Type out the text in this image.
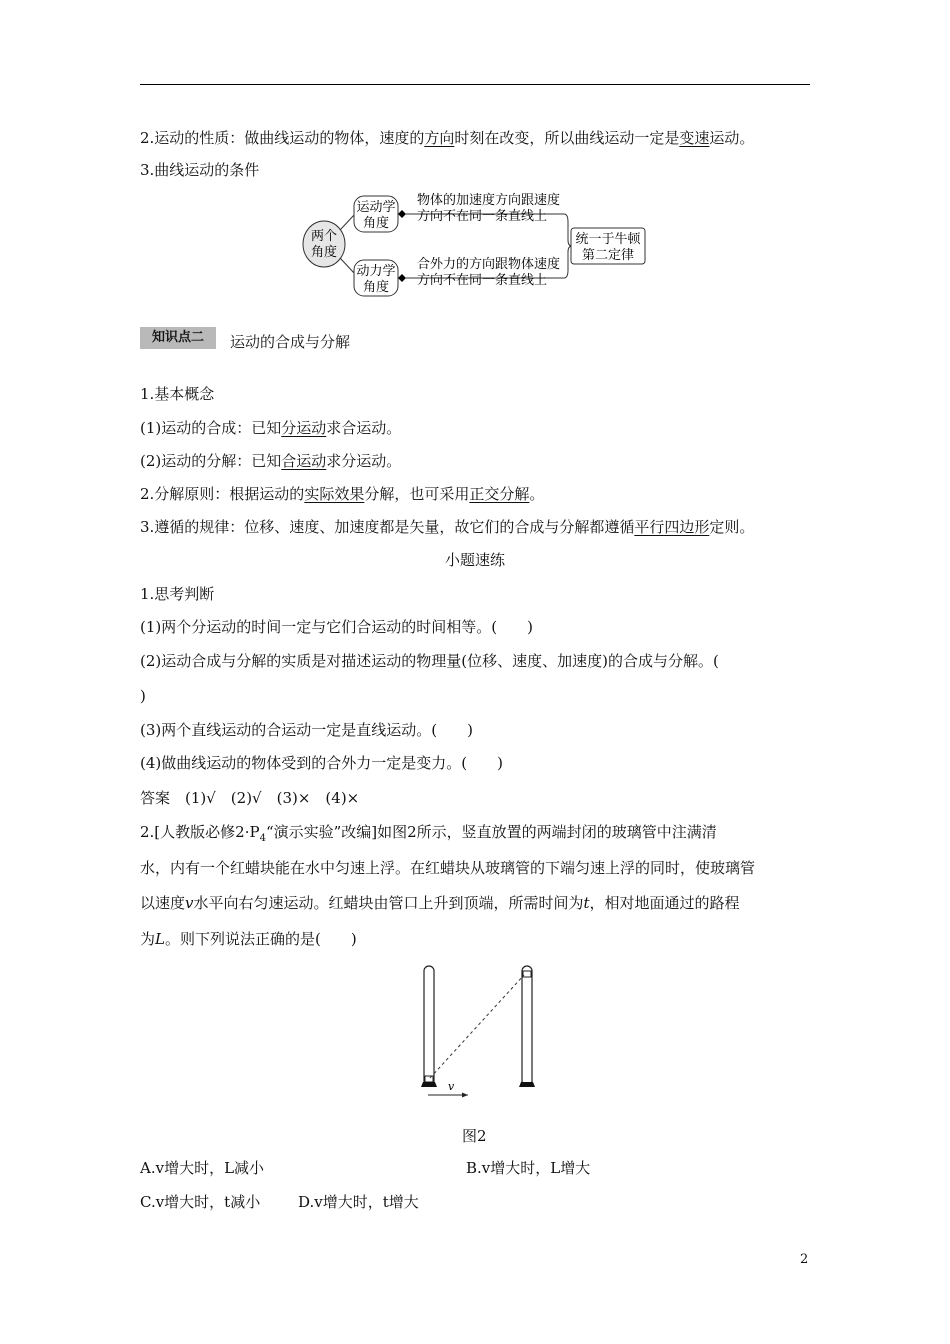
2.运动的性质：做曲线运动的物体，速度的方向时刻在改变，所以曲线运动一定是变速运动。
3.曲线运动的条件
两个
角度
运动学
角度
动力学
角度
物体的加速度方向跟速度
方向不在同一条直线上
合外力的方向跟物体速度
方向不在同一条直线上
统一于牛顿
第二定律
知识点二	运动的合成与分解
1.基本概念
(1)运动的合成：已知分运动求合运动。
(2)运动的分解：已知合运动求分运动。
2.分解原则：根据运动的实际效果分解，也可采用正交分解。
3.遵循的规律：位移、速度、加速度都是矢量，故它们的合成与分解都遵循平行四边形定则。
小题速练
1.思考判断
(1)两个分运动的时间一定与它们合运动的时间相等。(　　)
(2)运动合成与分解的实质是对描述运动的物理量(位移、速度、加速度)的合成与分解。(
)
(3)两个直线运动的合运动一定是直线运动。(　　)
(4)做曲线运动的物体受到的合外力一定是变力。(　　)
答案　(1)√　(2)√　(3)×　(4)×
2.[人教版必修$2\cdot P_4“$演示实验”改编]如图2所示，竖直放置的两端封闭的玻璃管中注满清
水，内有一个红蜡块能在水中匀速上浮。在红蜡块从玻璃管的下端匀速上浮的同时，使玻璃管
以速度v水平向右匀速运动。红蜡块由管口上升到顶端，所需时间为t，相对地面通过的路程
为L。则下列说法正确的是(　　)
v
图2
A.v增大时，L减小	B.v增大时，L增大
C.v增大时，t减小	D.v增大时，t增大
2
